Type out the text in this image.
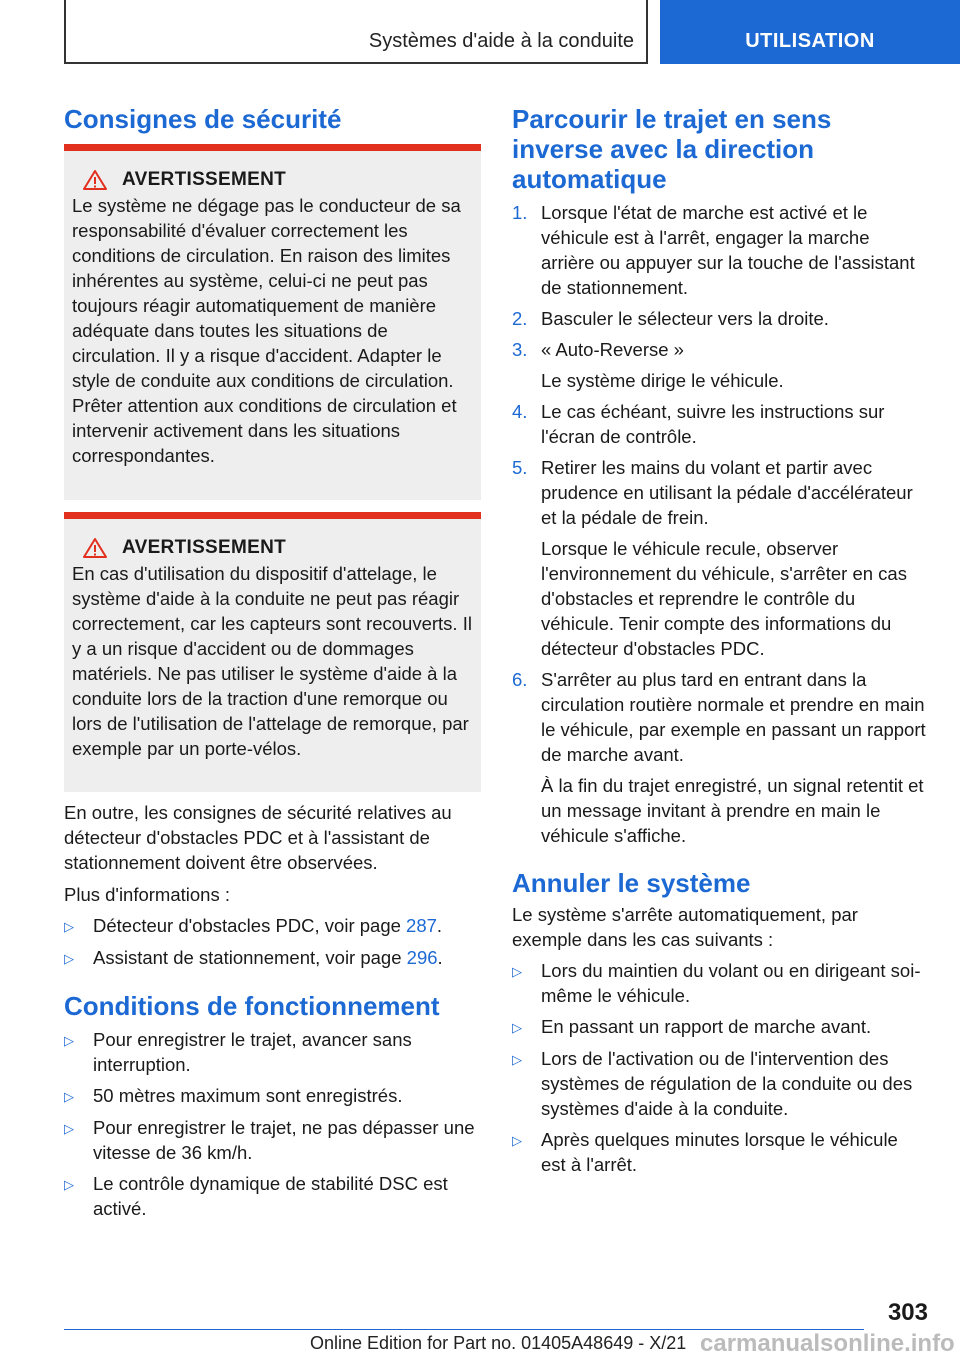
Systèmes d'aide à la conduite	UTILISATION
Consignes de sécurité
AVERTISSEMENT

Le système ne dégage pas le conducteur de sa responsabilité d'évaluer correctement les conditions de circulation. En raison des limites inhérentes au système, celui-ci ne peut pas toujours réagir automatiquement de manière adéquate dans toutes les situations de circulation. Il y a risque d'accident. Adapter le style de conduite aux conditions de circulation. Prêter attention aux conditions de circulation et intervenir activement dans les situations correspondantes.

AVERTISSEMENT

En cas d'utilisation du dispositif d'attelage, le système d'aide à la conduite ne peut pas réagir correctement, car les capteurs sont recouverts. Il y a un risque d'accident ou de dommages matériels. Ne pas utiliser le système d'aide à la conduite lors de la traction d'une remorque ou lors de l'utilisation de l'attelage de remorque, par exemple par un porte-vélos.

En outre, les consignes de sécurité relatives au détecteur d'obstacles PDC et à l'assistant de stationnement doivent être observées.

Plus d'informations :

▷	Détecteur d'obstacles PDC, voir page 287.
▷	Assistant de stationnement, voir page 296.
Conditions de fonctionnement
▷	Pour enregistrer le trajet, avancer sans interruption.
▷	50 mètres maximum sont enregistrés.
▷	Pour enregistrer le trajet, ne pas dépasser une vitesse de 36 km/h.
▷	Le contrôle dynamique de stabilité DSC est activé.
Parcourir le trajet en sens inverse avec la direction automatique
1. Lorsque l'état de marche est activé et le véhicule est à l'arrêt, engager la marche arrière ou appuyer sur la touche de l'assistant de stationnement.
2. Basculer le sélecteur vers la droite.
3. « Auto-Reverse »

Le système dirige le véhicule.

4. Le cas échéant, suivre les instructions sur l'écran de contrôle.
5. Retirer les mains du volant et partir avec prudence en utilisant la pédale d'accélérateur et la pédale de frein.

Lorsque le véhicule recule, observer l'environnement du véhicule, s'arrêter en cas d'obstacles et reprendre le contrôle du véhicule. Tenir compte des informations du détecteur d'obstacles PDC.

6. S'arrêter au plus tard en entrant dans la circulation routière normale et prendre en main le véhicule, par exemple en passant un rapport de marche avant.

À la fin du trajet enregistré, un signal retentit et un message invitant à prendre en main le véhicule s'affiche.

Annuler le système

Le système s'arrête automatiquement, par exemple dans les cas suivants :

▷	Lors du maintien du volant ou en dirigeant soi-même le véhicule.
▷	En passant un rapport de marche avant.
▷	Lors de l'activation ou de l'intervention des systèmes de régulation de la conduite ou des systèmes d'aide à la conduite.
▷	Après quelques minutes lorsque le véhicule est à l'arrêt.
303
carmanualsonline.info
Online Edition for Part no. 01405A48649 - X/21
